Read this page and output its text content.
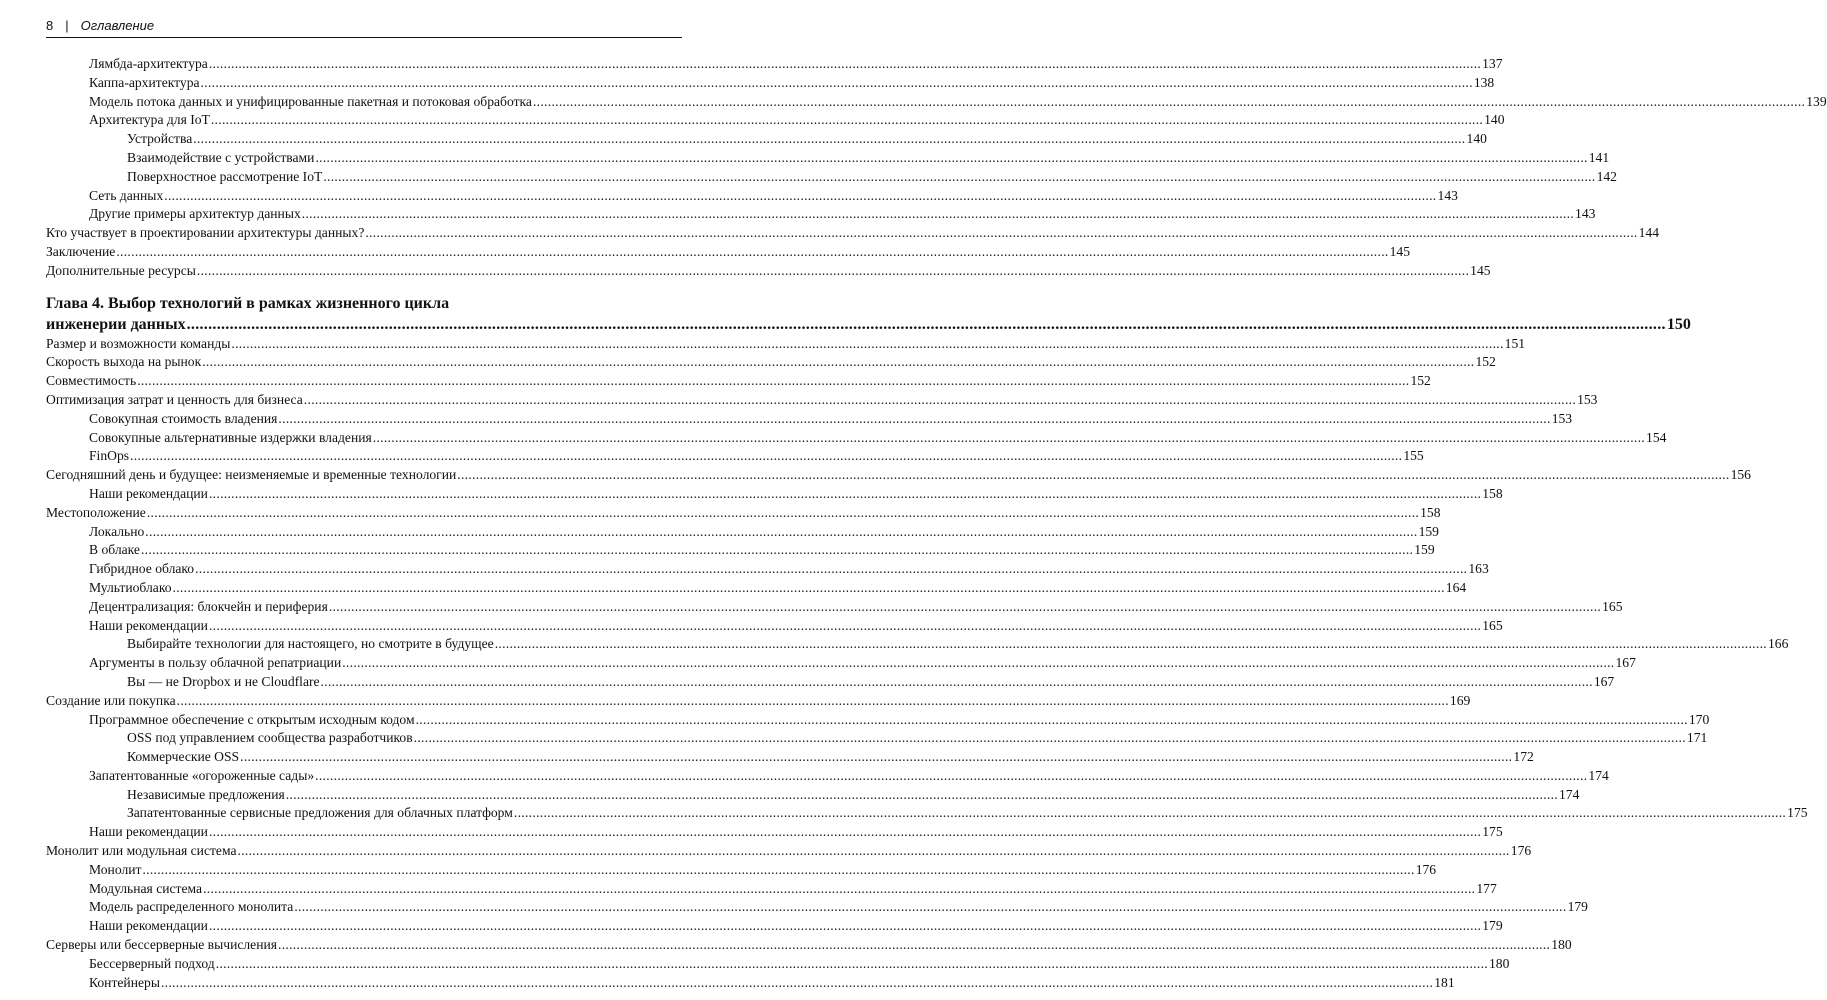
8 | Оглавление
Лямбда-архитектура .....	137
Каппа-архитектура .....	138
Модель потока данных и унифицированные пакетная и потоковая обработка .....	139
Архитектура для IoT .....	140
Устройства .....	140
Взаимодействие с устройствами .....	141
Поверхностное рассмотрение IoT .....	142
Сеть данных .....	143
Другие примеры архитектур данных .....	143
Кто участвует в проектировании архитектуры данных? .....	144
Заключение .....	145
Дополнительные ресурсы .....	145
Глава 4. Выбор технологий в рамках жизненного цикла
инженерии данных .....	150
Размер и возможности команды .....	151
Скорость выхода на рынок .....	152
Совместимость .....	152
Оптимизация затрат и ценность для бизнеса .....	153
Совокупная стоимость владения .....	153
Совокупные альтернативные издержки владения .....	154
FinOps .....	155
Сегодняшний день и будущее: неизменяемые и временные технологии .....	156
Наши рекомендации .....	158
Местоположение .....	158
Локально .....	159
В облаке .....	159
Гибридное облако .....	163
Мультиоблако .....	164
Децентрализация: блокчейн и периферия .....	165
Наши рекомендации .....	165
Выбирайте технологии для настоящего, но смотрите в будущее .....	166
Аргументы в пользу облачной репатриации .....	167
Вы — не Dropbox и не Cloudflare .....	167
Создание или покупка .....	169
Программное обеспечение с открытым исходным кодом .....	170
OSS под управлением сообщества разработчиков .....	171
Коммерческие OSS .....	172
Запатентованные «огороженные сады» .....	174
Независимые предложения .....	174
Запатентованные сервисные предложения для облачных платформ .....	175
Наши рекомендации .....	175
Монолит или модульная система .....	176
Монолит .....	176
Модульная система .....	177
Модель распределенного монолита .....	179
Наши рекомендации .....	179
Серверы или бессерверные вычисления .....	180
Бессерверный подход .....	180
Контейнеры .....	181
